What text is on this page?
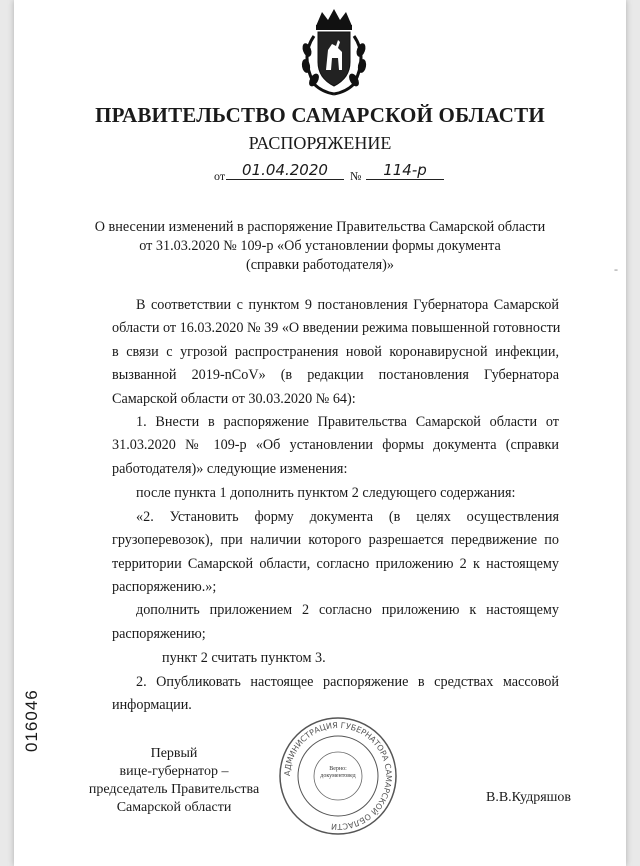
ПРАВИТЕЛЬСТВО САМАРСКОЙ ОБЛАСТИ
РАСПОРЯЖЕНИЕ
от	01.04.2020	№	114-р
О внесении изменений в распоряжение Правительства Самарской области
от 31.03.2020 № 109-р «Об установлении формы документа
(справки работодателя)»	-
В соответствии с пунктом 9 постановления Губернатора Самарской
области от 16.03.2020 № 39 «О введении режима повышенной готовности
в связи с угрозой распространения новой коронавирусной инфекции,
вызванной 2019-nCoV» (в редакции постановления Губернатора
Самарской области от 30.03.2020 № 64):
1. Внести в распоряжение Правительства Самарской области от
31.03.2020 № 109-р «Об установлении формы документа (справки
работодателя)» следующие изменения:
после пункта 1 дополнить пунктом 2 следующего содержания:
«2. Установить форму документа (в целях осуществления
грузоперевозок), при наличии которого разрешается передвижение по
территории Самарской области, согласно приложению 2 к настоящему
распоряжению.»;
дополнить приложением 2 согласно приложению к настоящему
распоряжению;
пункт 2 считать пунктом 3.
2. Опубликовать настоящее распоряжение в средствах массовой
информации.
016046
Первый
вице-губернатор –
председатель Правительства
Самарской области
АДМИНИСТРАЦИЯ ГУБЕРНАТОРА САМАРСКОЙ ОБЛАСТИ
Верно:
документовед
В.В.Кудряшов
